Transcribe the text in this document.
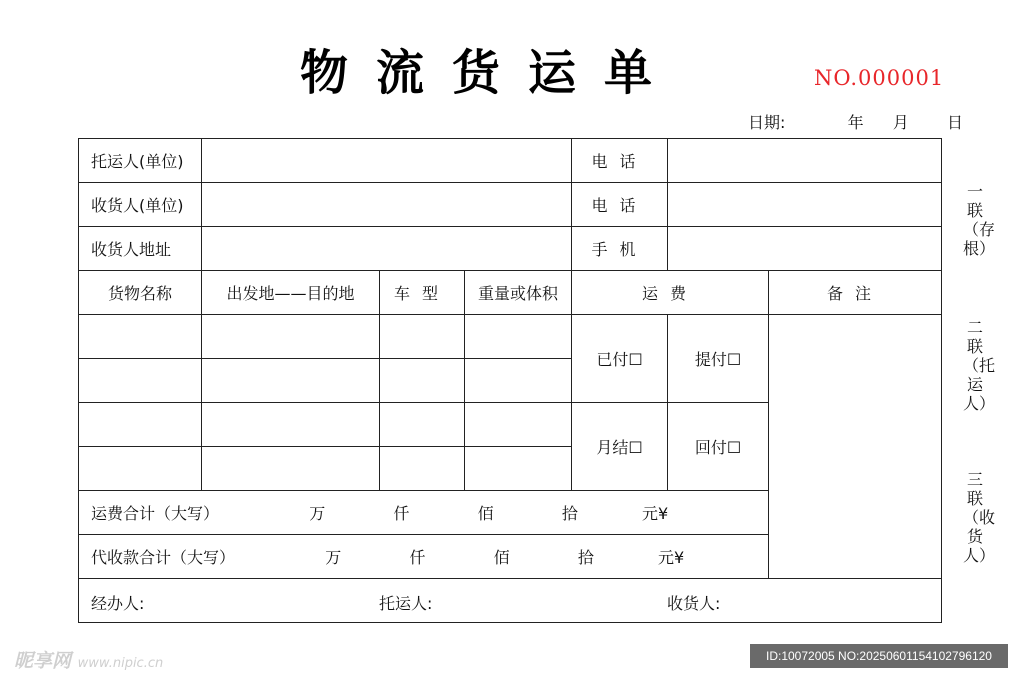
物流货运单	NO.000001
日期:	年 月 日
托运人(单位)				电话		
收货人(单位)				电话		
收货人地址				手机		
货物名称	出发地——目的地	车型	重量或体积	运费		备注
				已付☐	提付☐	

				月结☐	回付☐	

运费合计（大写） 万 仟 佰 拾 元¥						
代收款合计（大写） 万 仟 佰 拾 元¥						

经办人: 托运人: 收货人:						
一联（存根）
二联（托运人）
三联（收货人）
昵享网 www.nipic.cn	ID:10072005 NO:20250601154102796120
